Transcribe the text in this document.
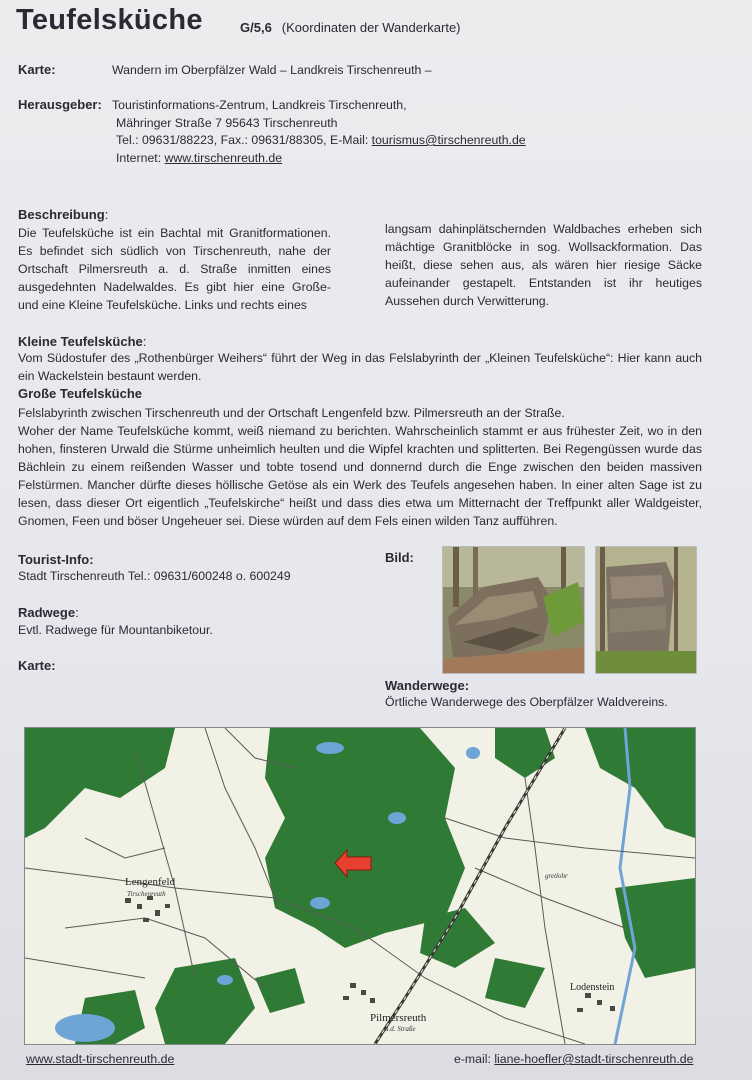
Teufelsküche	G/5,6 (Koordinaten der Wanderkarte)
Karte:	Wandern im Oberpfälzer Wald – Landkreis Tirschenreuth –
Herausgeber: Touristinformations-Zentrum, Landkreis Tirschenreuth,
Mähringer Straße 7 95643 Tirschenreuth
Tel.: 09631/88223, Fax.: 09631/88305, E-Mail: tourismus@tirschenreuth.de
Internet: www.tirschenreuth.de
Beschreibung:
Die Teufelsküche ist ein Bachtal mit Granitformationen. Es befindet sich südlich von Tirschenreuth, nahe der Ortschaft Pilmersreuth a. d. Straße inmitten eines ausgedehnten Nadelwaldes. Es gibt hier eine Große- und eine Kleine Teufelsküche. Links und rechts eines
langsam dahinplätschernden Waldbaches erheben sich mächtige Granitblöcke in sog. Wollsackformation. Das heißt, diese sehen aus, als wären hier riesige Säcke aufeinander gestapelt. Entstanden ist ihr heutiges Aussehen durch Verwitterung.
Kleine Teufelsküche:
Vom Südostufer des „Rothenbürger Weihers“ führt der Weg in das Felslabyrinth der „Kleinen Teufelsküche“: Hier kann auch ein Wackelstein bestaunt werden.
Große Teufelsküche
Felslabyrinth zwischen Tirschenreuth und der Ortschaft Lengenfeld bzw. Pilmersreuth an der Straße.
Woher der Name Teufelsküche kommt, weiß niemand zu berichten. Wahrscheinlich stammt er aus frühester Zeit, wo in den hohen, finsteren Urwald die Stürme unheimlich heulten und die Wipfel krachten und splitterten. Bei Regengüssen wurde das Bächlein zu einem reißenden Wasser und tobte tosend und donnernd durch die Enge zwischen den beiden massiven Felstürmen. Mancher dürfte dieses höllische Getöse als ein Werk des Teufels angesehen haben. In einer alten Sage ist zu lesen, dass dieser Ort eigentlich „Teufelskirche“ heißt und dass dies etwa um Mitternacht der Treffpunkt aller Waldgeister, Gnomen, Feen und böser Ungeheuer sei. Diese würden auf dem Fels einen wilden Tanz aufführen.
Tourist-Info:
Stadt Tirschenreuth Tel.: 09631/600248 o. 600249
Radwege:
Evtl. Radwege für Mountanbiketour.
Karte:
Bild:
Wanderwege:
Örtliche Wanderwege des Oberpfälzer Waldvereins.
Lengenfeld
Tirschenreuth
Pilmersreuth
a.d. Straße
Lodenstein
gretlohr
www.stadt-tirschenreuth.de	e-mail: liane-hoefler@stadt-tirschenreuth.de
